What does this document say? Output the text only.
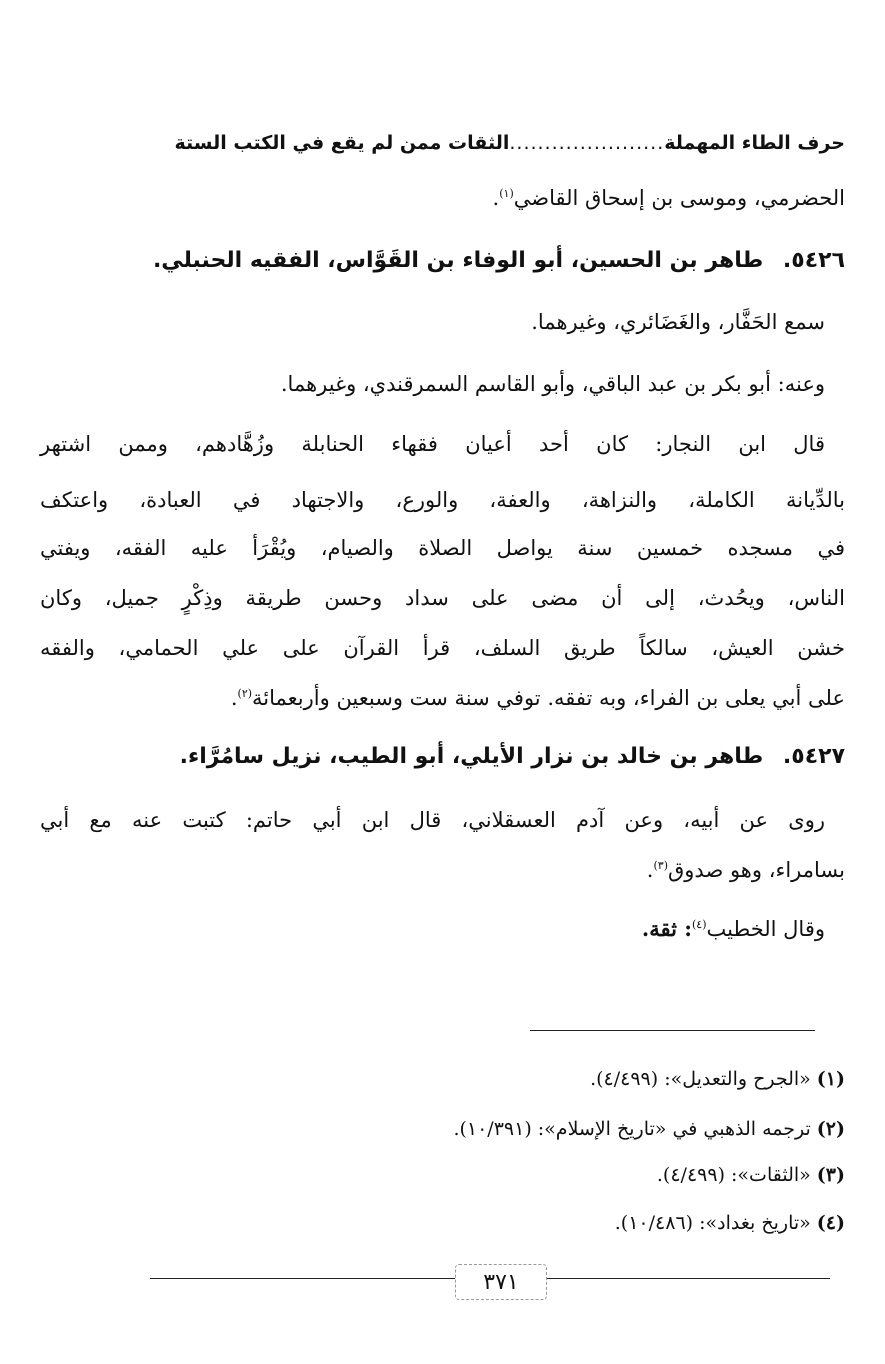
حرف الطاء المهملة
......................
الثقات ممن لم يقع في الكتب الستة
الحضرمي، وموسى بن إسحاق القاضي$^{(١)}$.
٥٤٢٦. طاهر بن الحسين، أبو الوفاء بن القَوَّاس، الفقيه الحنبلي.
سمع الحَفَّار، والغَضَائري، وغيرهما.
وعنه: أبو بكر بن عبد الباقي، وأبو القاسم السمرقندي، وغيرهما.
قال ابن النجار: كان أحد أعيان فقهاء الحنابلة وزُهَّادهم، وممن اشتهر
بالدِّيانة الكاملة، والنزاهة، والعفة، والورع، والاجتهاد في العبادة، واعتكف
في مسجده خمسين سنة يواصل الصلاة والصيام، ويُقْرَأ عليه الفقه، ويفتي
الناس، ويحُدث، إلى أن مضى على سداد وحسن طريقة وذِكْرٍ جميل، وكان
خشن العيش، سالكاً طريق السلف، قرأ القرآن على علي الحمامي، والفقه
على أبي يعلى بن الفراء، وبه تفقه. توفي سنة ست وسبعين وأربعمائة$^{(٢)}$.
٥٤٢٧. طاهر بن خالد بن نزار الأيلي، أبو الطيب، نزيل سامُرَّاء.
روى عن أبيه، وعن آدم العسقلاني، قال ابن أبي حاتم: كتبت عنه مع أبي
بسامراء، وهو صدوق$^{(٣)}$.
وقال الخطيب$^{(٤)}$: ثقة.
(١)«الجرح والتعديل»: (٤/٤٩٩).
(٢)ترجمه الذهبي في «تاريخ الإسلام»: (١٠/٣٩١).
(٣)«الثقات»: (٤/٤٩٩).
(٤)«تاريخ بغداد»: (١٠/٤٨٦).
٣٧١
